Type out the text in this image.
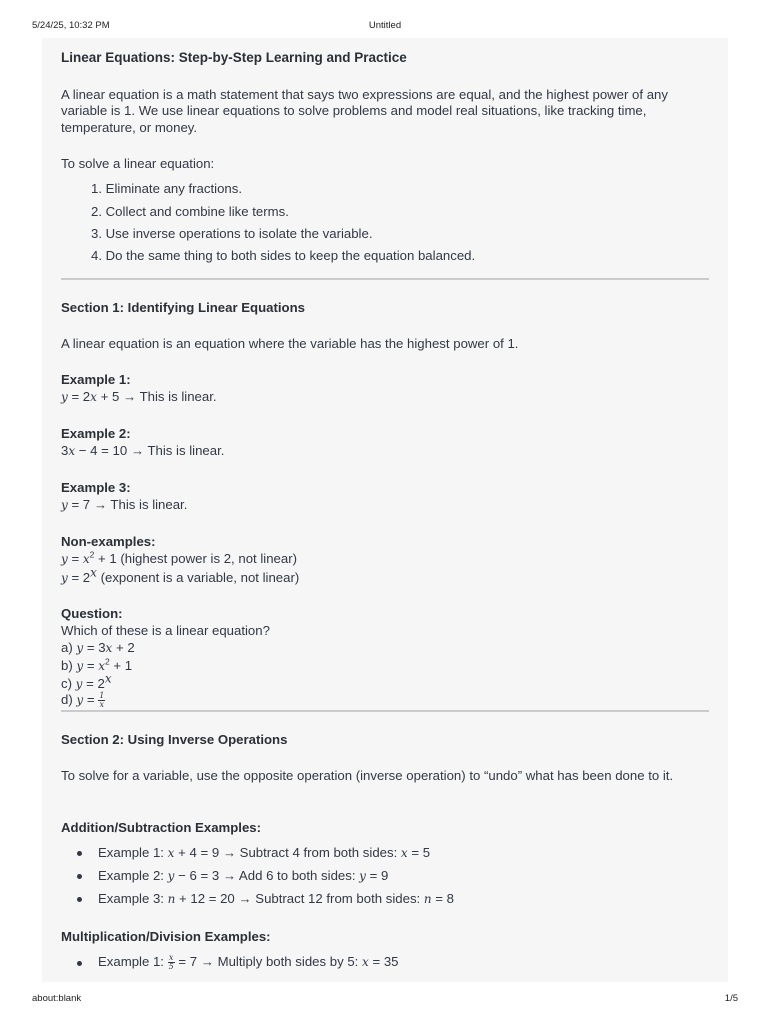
5/24/25, 10:32 PM	Untitled
Linear Equations: Step-by-Step Learning and Practice
A linear equation is a math statement that says two expressions are equal, and the highest power of any variable is 1. We use linear equations to solve problems and model real situations, like tracking time, temperature, or money.
To solve a linear equation:
1. Eliminate any fractions.
2. Collect and combine like terms.
3. Use inverse operations to isolate the variable.
4. Do the same thing to both sides to keep the equation balanced.
Section 1: Identifying Linear Equations
A linear equation is an equation where the variable has the highest power of 1.
Example 1:
y = 2x + 5 → This is linear.
Example 2:
3x − 4 = 10 → This is linear.
Example 3:
y = 7 → This is linear.
Non-examples:
$y = x^2 + 1$ (highest power is 2, not linear)
$y = 2^x$ (exponent is a variable, not linear)
Question:
Which of these is a linear equation?
a) y = 3x + 2
b) $y = x^2 + 1$
c) $y = 2^x$
d) $y = \frac{1}{x}$
Section 2: Using Inverse Operations
To solve for a variable, use the opposite operation (inverse operation) to “undo” what has been done to it.
Addition/Subtraction Examples:
Example 1: x + 4 = 9 → Subtract 4 from both sides: x = 5
Example 2: y − 6 = 3 → Add 6 to both sides: y = 9
Example 3: n + 12 = 20 → Subtract 12 from both sides: n = 8
Multiplication/Division Examples:
Example 1: $\frac{x}{5} = 7$ → Multiply both sides by 5: x = 35
about:blank	1/5
